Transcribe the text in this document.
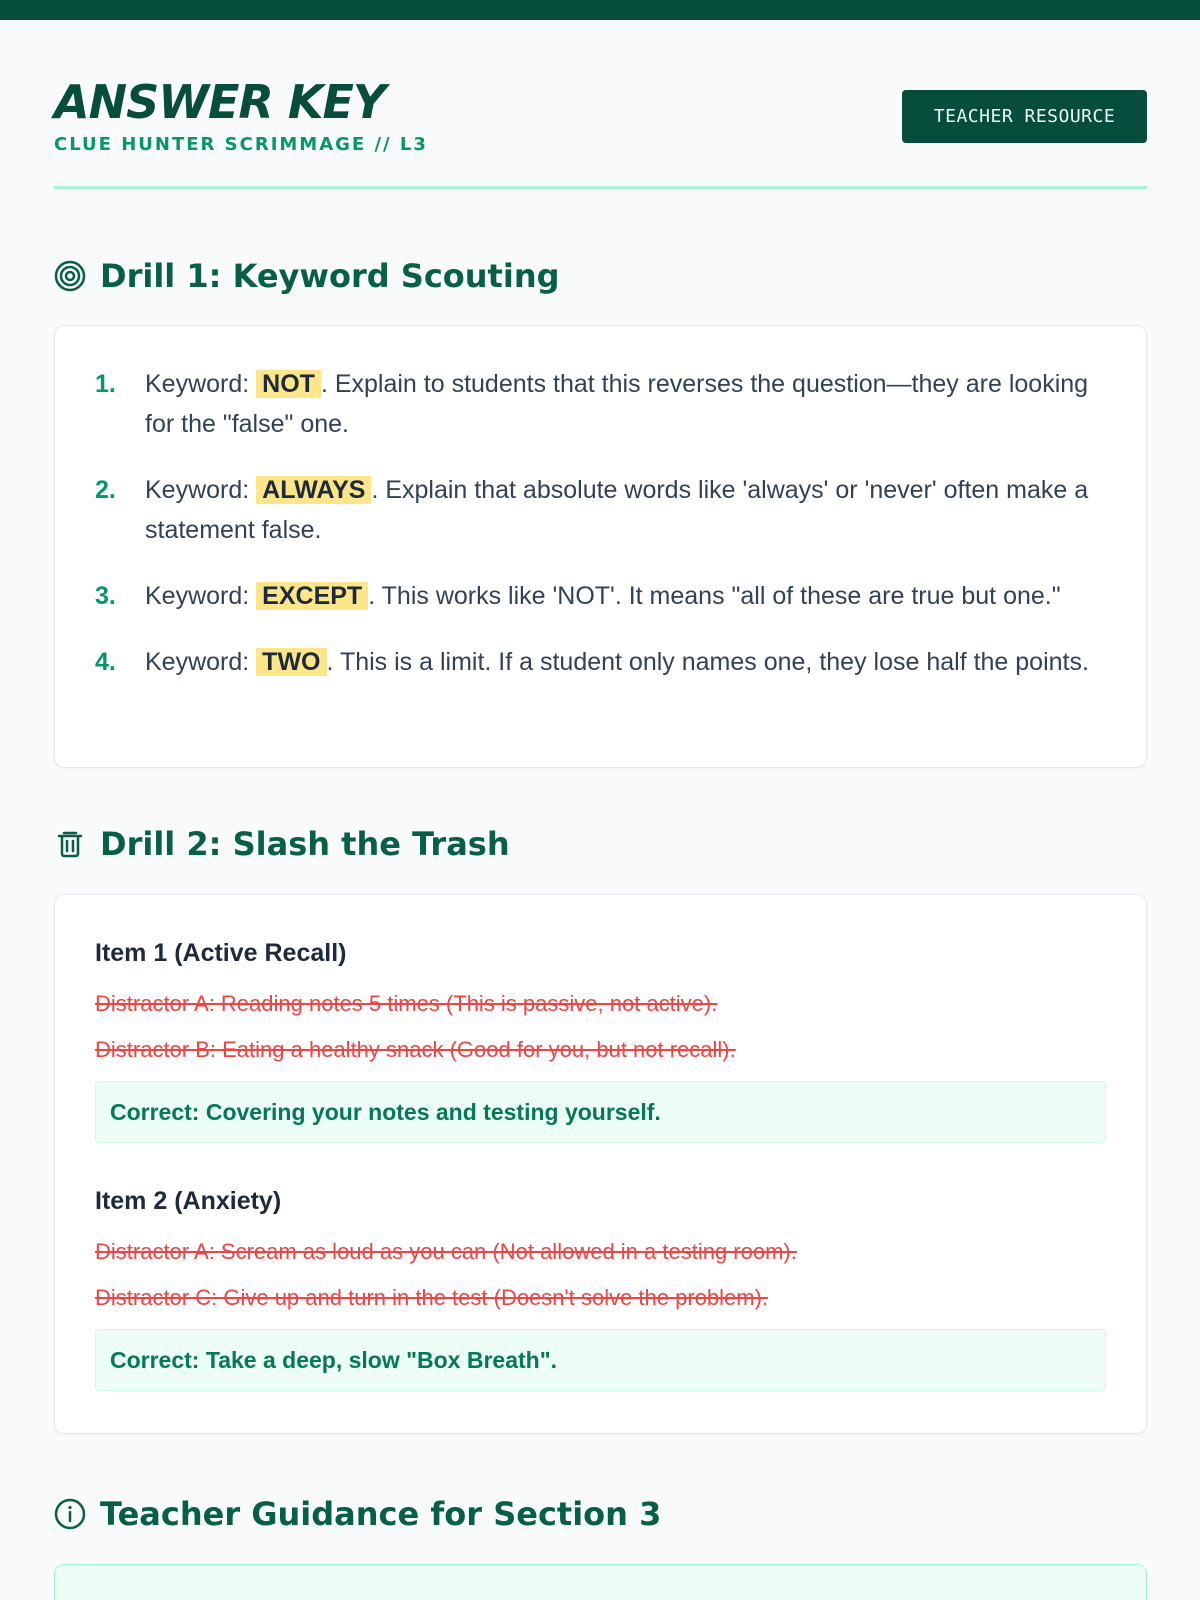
ANSWER KEY
CLUE HUNTER SCRIMMAGE // L3
TEACHER RESOURCE
Drill 1: Keyword Scouting
1.	Keyword: NOT . Explain to students that this reverses the question—they are looking for the "false" one.
2.	Keyword: ALWAYS . Explain that absolute words like 'always' or 'never' often make a statement false.
3.	Keyword: EXCEPT . This works like 'NOT'. It means "all of these are true but one."
4.	Keyword: TWO . This is a limit. If a student only names one, they lose half the points.
Drill 2: Slash the Trash
Item 1 (Active Recall)
Distractor A: Reading notes 5 times (This is passive, not active).
Distractor B: Eating a healthy snack (Good for you, but not recall).
Correct: Covering your notes and testing yourself.
Item 2 (Anxiety)
Distractor A: Scream as loud as you can (Not allowed in a testing room).
Distractor C: Give up and turn in the test (Doesn't solve the problem).
Correct: Take a deep, slow "Box Breath".
Teacher Guidance for Section 3
